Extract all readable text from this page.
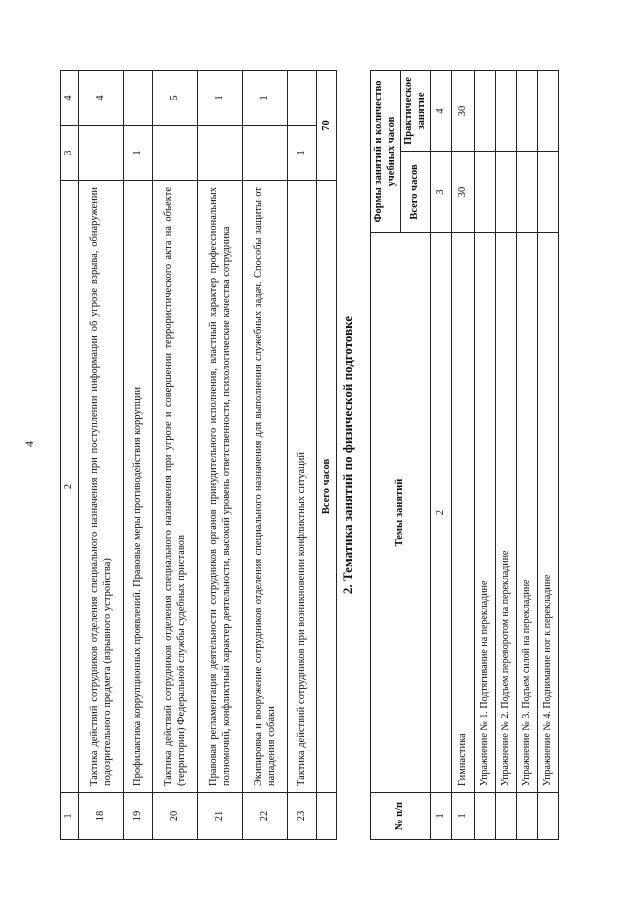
4
1	2	3	4
18	Тактика действий сотрудников отделения специального назначения при поступлении информации об угрозе взрыва, обнаружении подозрительного предмета (взрывного устройства)		4
19	Профилактика коррупционных проявлений. Правовые меры противодействия коррупции	1	
20	Тактика действий сотрудников отделения специального назначения при угрозе и совершении террористического акта на объекте (территории) Федеральной службы судебных приставов		5
21	Правовая регламентация деятельности сотрудников органов принудительного исполнения, властный характер профессиональных полномочий, конфликтный характер деятельности, высокий уровень ответственности, психологические качества сотрудника		1
22	Экипировка и вооружение сотрудников отделения специального назначения для выполнения служебных задач. Способы защиты от нападения собаки		1
23	Тактика действий сотрудников при возникновении конфликтных ситуаций	1	
	Всего часов	70	
2. Тематика занятий по физической подготовке
№ п/п	Темы занятий	Формы занятий и количество учебных часов	
		Всего часов	Практическое занятие
1	2	3	4
1	Гимнастика	30	30
	Упражнение № 1. Подтягивание на перекладине		
	Упражнение № 2. Подъем переворотом на перекладине		
	Упражнение № 3. Подъем силой на перекладине		
	Упражнение № 4. Поднимание ног к перекладине		
